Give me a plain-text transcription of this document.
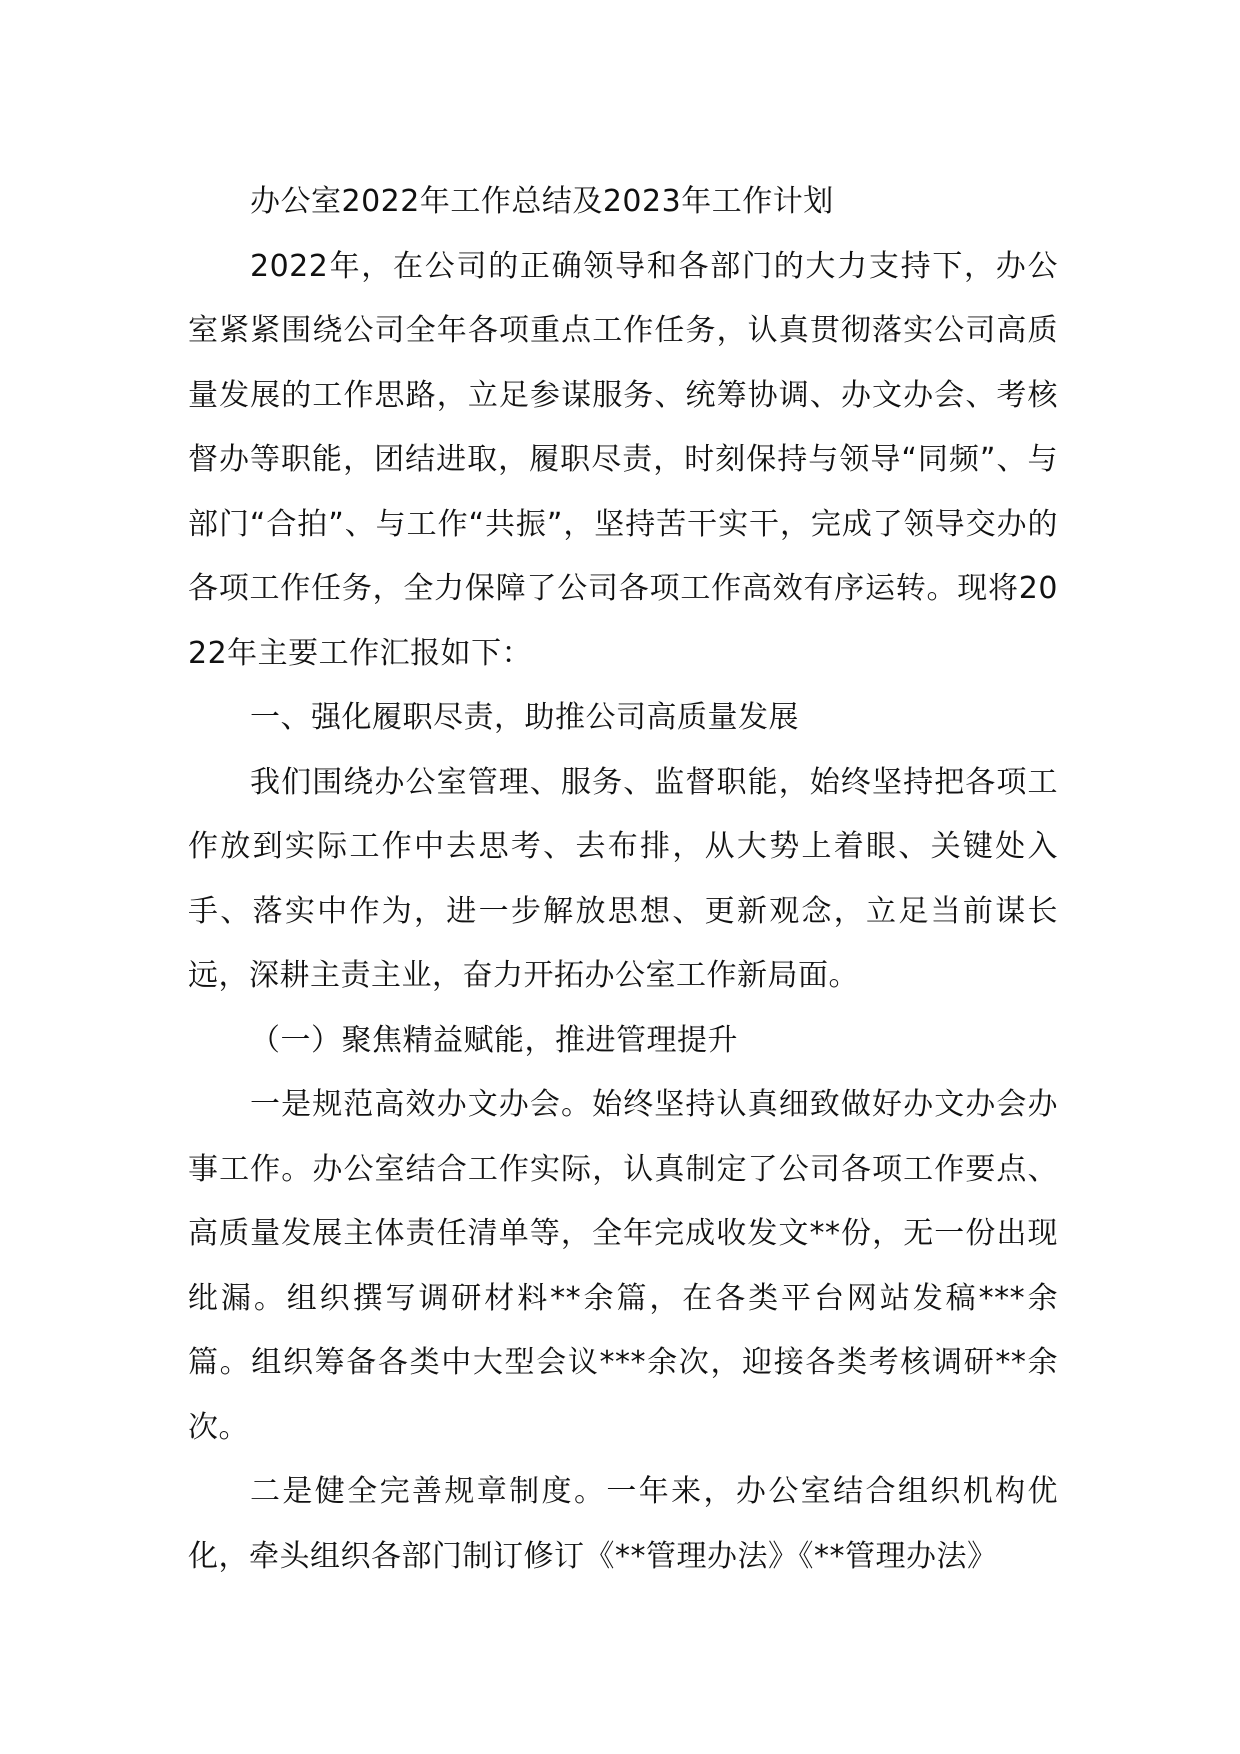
办公室2022年工作总结及2023年工作计划

2022年，在公司的正确领导和各部门的大力支持下，办公室紧紧围绕公司全年各项重点工作任务，认真贯彻落实公司高质量发展的工作思路，立足参谋服务、统筹协调、办文办会、考核督办等职能，团结进取，履职尽责，时刻保持与领导“同频”、与部门“合拍”、与工作“共振”，坚持苦干实干，完成了领导交办的各项工作任务，全力保障了公司各项工作高效有序运转。现将2022年主要工作汇报如下：

一、强化履职尽责，助推公司高质量发展

我们围绕办公室管理、服务、监督职能，始终坚持把各项工作放到实际工作中去思考、去布排，从大势上着眼、关键处入手、落实中作为，进一步解放思想、更新观念，立足当前谋长远，深耕主责主业，奋力开拓办公室工作新局面。

（一）聚焦精益赋能，推进管理提升

一是规范高效办文办会。始终坚持认真细致做好办文办会办事工作。办公室结合工作实际，认真制定了公司各项工作要点、高质量发展主体责任清单等，全年完成收发文**份，无一份出现纰漏。组织撰写调研材料**余篇，在各类平台网站发稿***余篇。组织筹备各类中大型会议***余次，迎接各类考核调研**余次。

二是健全完善规章制度。一年来，办公室结合组织机构优化，牵头组织各部门制订修订《**管理办法》《**管理办法》
